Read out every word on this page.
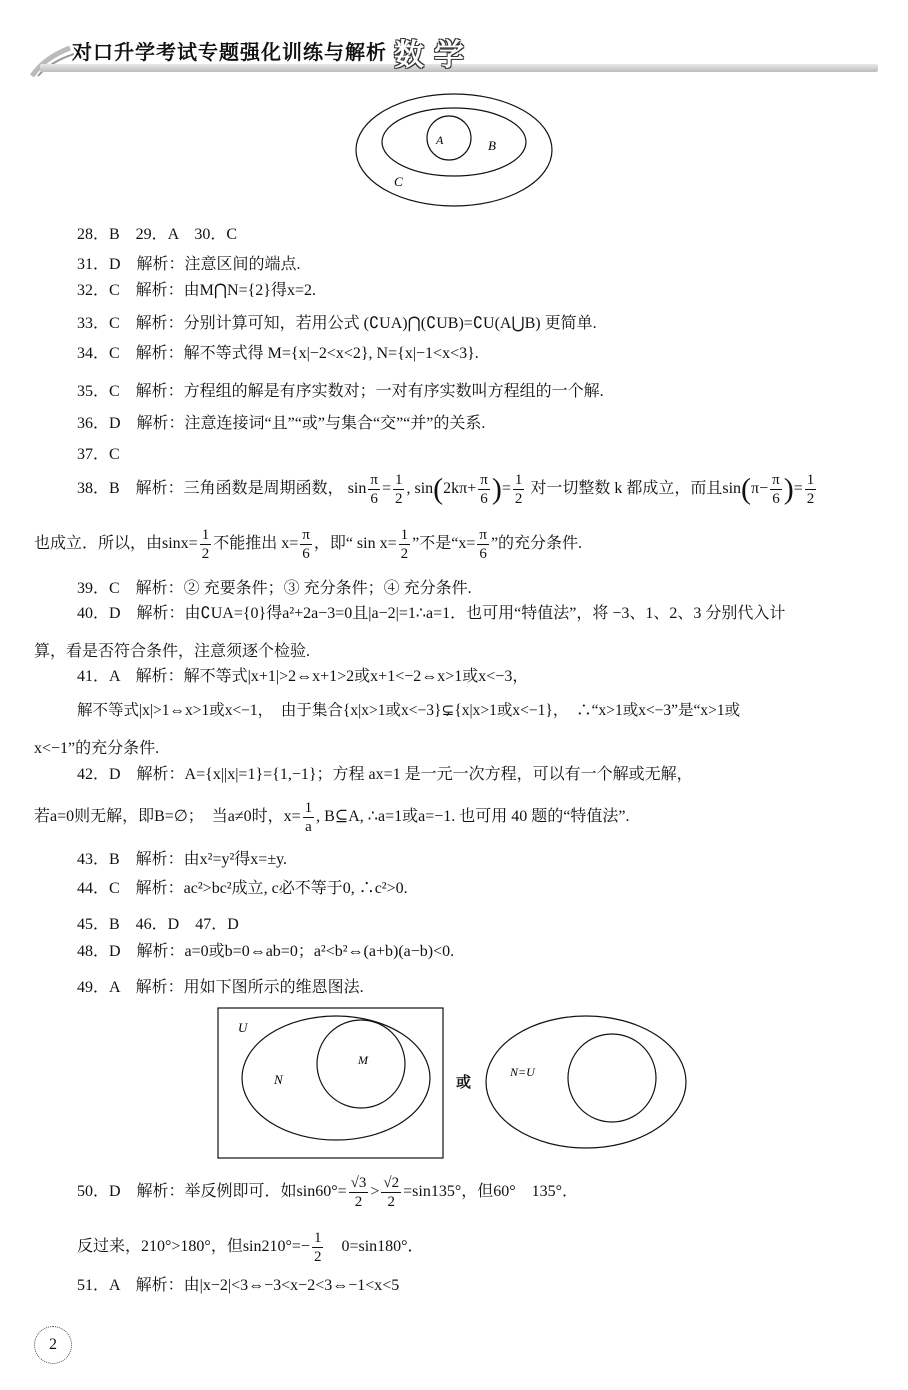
对口升学考试专题强化训练与解析 数学
A	B
C
28．B　29．A　30．C
31．D　解析：注意区间的端点.
32．C　解析：由M⋂N={2}得x=2.
33．C　解析：分别计算可知，若用公式 (∁UA)⋂(∁UB)=∁U(A⋃B) 更简单.
34．C　解析：解不等式得 M={x|−2<x<2}, N={x|−1<x<3}.
35．C　解析：方程组的解是有序实数对；一对有序实数叫方程组的一个解.
36．D　解析：注意连接词“且”“或”与集合“交”“并”的关系.
37．C
38．B　解析：三角函数是周期函数， $\sin \frac{\pi}{6} = \frac{1}{2}$ , $\sin(2k\pi+ \frac{\pi}{6}$ )= $\frac{1}{2}$ 对一切整数 k 都成立，而且$\sin(\pi- \frac{\pi}{6}$ )= $\frac{1}{2}$
也成立．所以，由$\sin x= \frac{1}{2}$ 不能推出 $x= \frac{\pi}{6}$ ，即“ $\sin x= \frac{1}{2}$ ”不是“$x= \frac{\pi}{6}$ ”的充分条件.
39．C　解析：② 充要条件；③ 充分条件；④ 充分条件.
40．D　解析：由∁UA={0}得a²+2a−3=0且|a−2|=1∴a=1．也可用“特值法”，将 −3、1、2、3 分别代入计
算，看是否符合条件，注意须逐个检验.
41．A　解析：解不等式|x+1|>2⇔x+1>2或x+1<−2⇔x>1或x<−3，
解不等式|x|>1⇔x>1或x<−1，　由于集合{x|x>1或x<−3}⊊{x|x>1或x<−1}，　∴“x>1或x<−3”是“x>1或
x<−1”的充分条件.
42．D　解析：A={x||x|=1}={1,−1}；方程 ax=1 是一元一次方程，可以有一个解或无解，
若a=0则无解，即B=∅；　当a≠0时，$x= \frac{1}{a}$ , B⊆A, ∴a=1或a=−1. 也可用 40 题的“特值法”.
43．B　解析：由x²=y²得x=±y.
44．C　解析：ac²>bc²成立, c必不等于0, ∴c²>0.
45．B　46．D　47．D
48．D　解析：a=0或b=0⇔ab=0；a²<b²⇔(a+b)(a−b)<0.
49．A　解析：用如下图所示的维恩图法.
U
N
M
或
N=U
50．D　解析：举反例即可．如$\sin 60^\circ= \frac{√3}{2} > \frac{√2}{2} =\sin 135^\circ$，但60°　135°．
反过来，210°>180°，但$\sin 210^\circ=- \frac{1}{2}$ 　0=sin180°．
51．A　解析：由|x−2|<3⇔−3<x−2<3⇔−1<x<5
2
